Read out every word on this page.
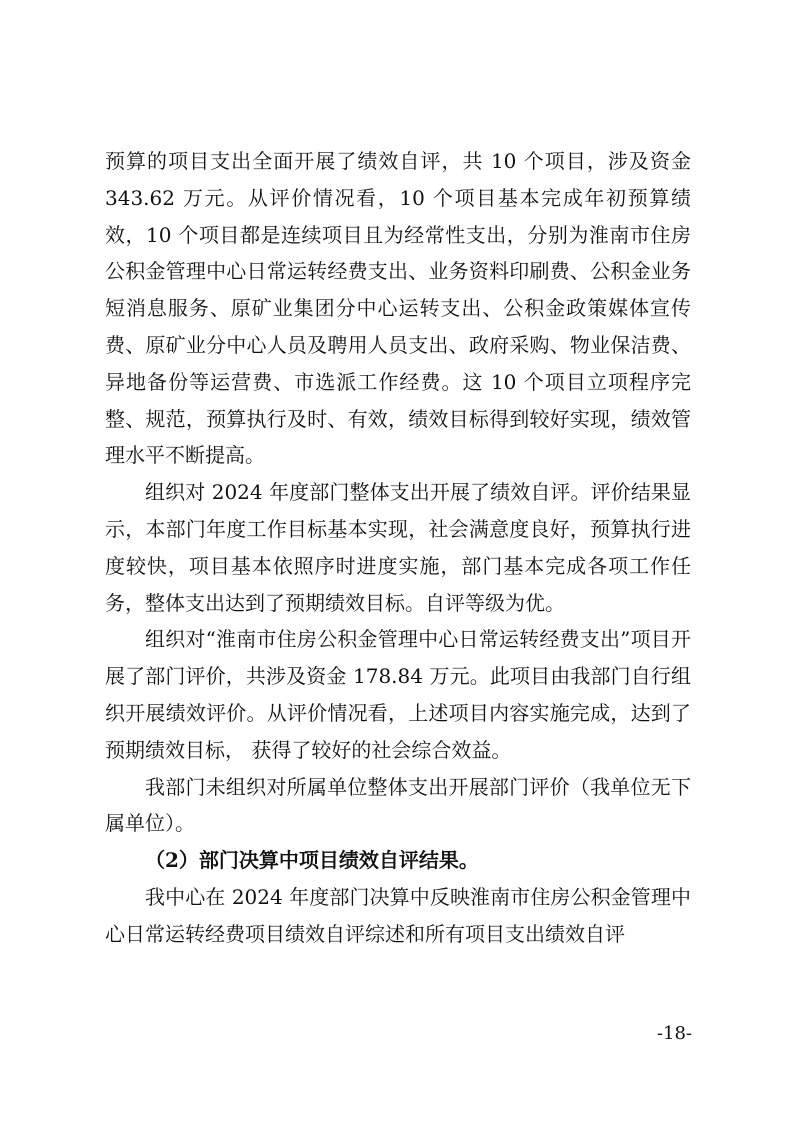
预算的项目支出全面开展了绩效自评，共 10 个项目，涉及资金 343.62 万元。从评价情况看，10 个项目基本完成年初预算绩效，10 个项目都是连续项目且为经常性支出，分别为淮南市住房公积金管理中心日常运转经费支出、业务资料印刷费、公积金业务短消息服务、原矿业集团分中心运转支出、公积金政策媒体宣传费、原矿业分中心人员及聘用人员支出、政府采购、物业保洁费、异地备份等运营费、市选派工作经费。这 10 个项目立项程序完整、规范，预算执行及时、有效，绩效目标得到较好实现，绩效管理水平不断提高。

组织对 2024 年度部门整体支出开展了绩效自评。评价结果显示，本部门年度工作目标基本实现，社会满意度良好，预算执行进度较快，项目基本依照序时进度实施，部门基本完成各项工作任务，整体支出达到了预期绩效目标。自评等级为优。

组织对“淮南市住房公积金管理中心日常运转经费支出”项目开展了部门评价，共涉及资金 178.84 万元。此项目由我部门自行组织开展绩效评价。从评价情况看，上述项目内容实施完成，达到了预期绩效目标， 获得了较好的社会综合效益。

我部门未组织对所属单位整体支出开展部门评价（我单位无下属单位）。

（2）部门决算中项目绩效自评结果。

我中心在 2024 年度部门决算中反映淮南市住房公积金管理中心日常运转经费项目绩效自评综述和所有项目支出绩效自评

-18-
